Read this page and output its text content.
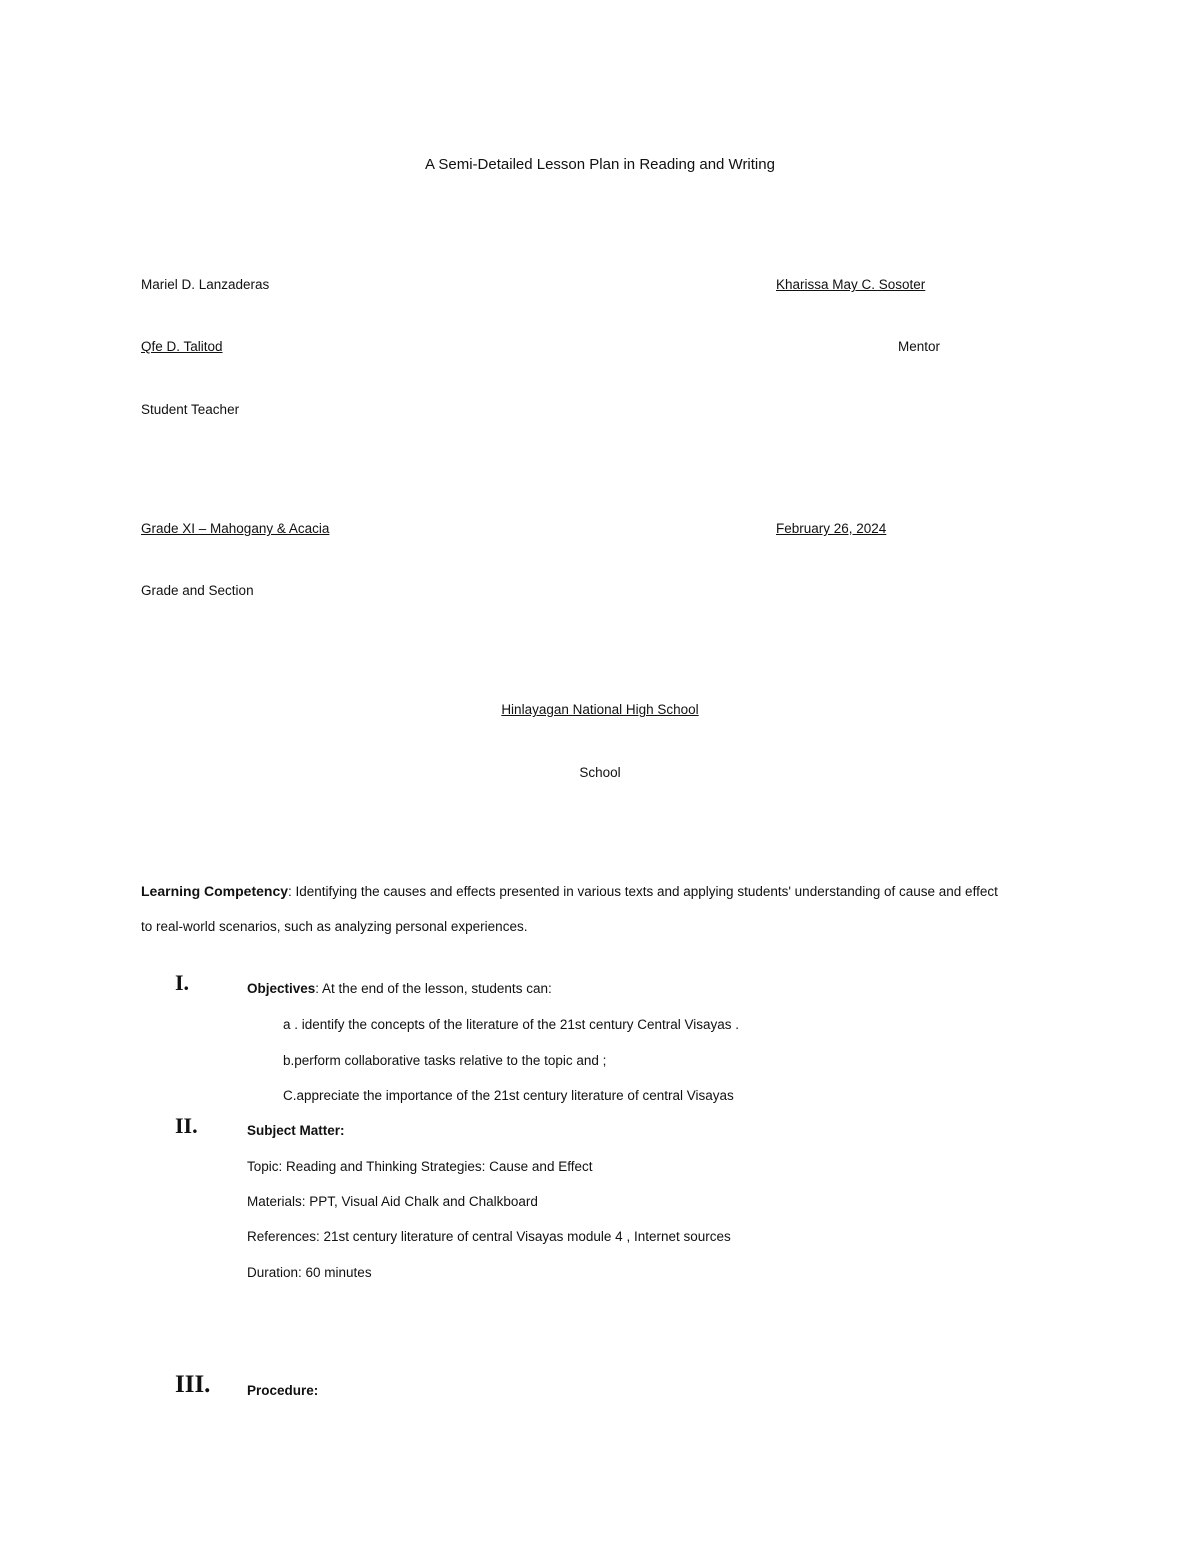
A Semi-Detailed Lesson Plan in Reading and Writing
Mariel D. Lanzaderas	Kharissa May C. Sosoter
Qfe D. Talitod	Mentor
Student Teacher
Grade XI – Mahogany & Acacia	February 26, 2024
Grade and Section
Hinlayagan National High School
School
Learning Competency: Identifying the causes and effects presented in various texts and applying students' understanding of cause and effect
to real-world scenarios, such as analyzing personal experiences.
I.	Objectives: At the end of the lesson, students can:
a . identify the concepts of the literature of the 21st century Central Visayas .
b.perform collaborative tasks relative to the topic and ;
C.appreciate the importance of the 21st century literature of central Visayas
II.	Subject Matter:
Topic: Reading and Thinking Strategies: Cause and Effect
Materials: PPT, Visual Aid Chalk and Chalkboard
References: 21st century literature of central Visayas module 4 , Internet sources
Duration: 60 minutes
III.	Procedure:
